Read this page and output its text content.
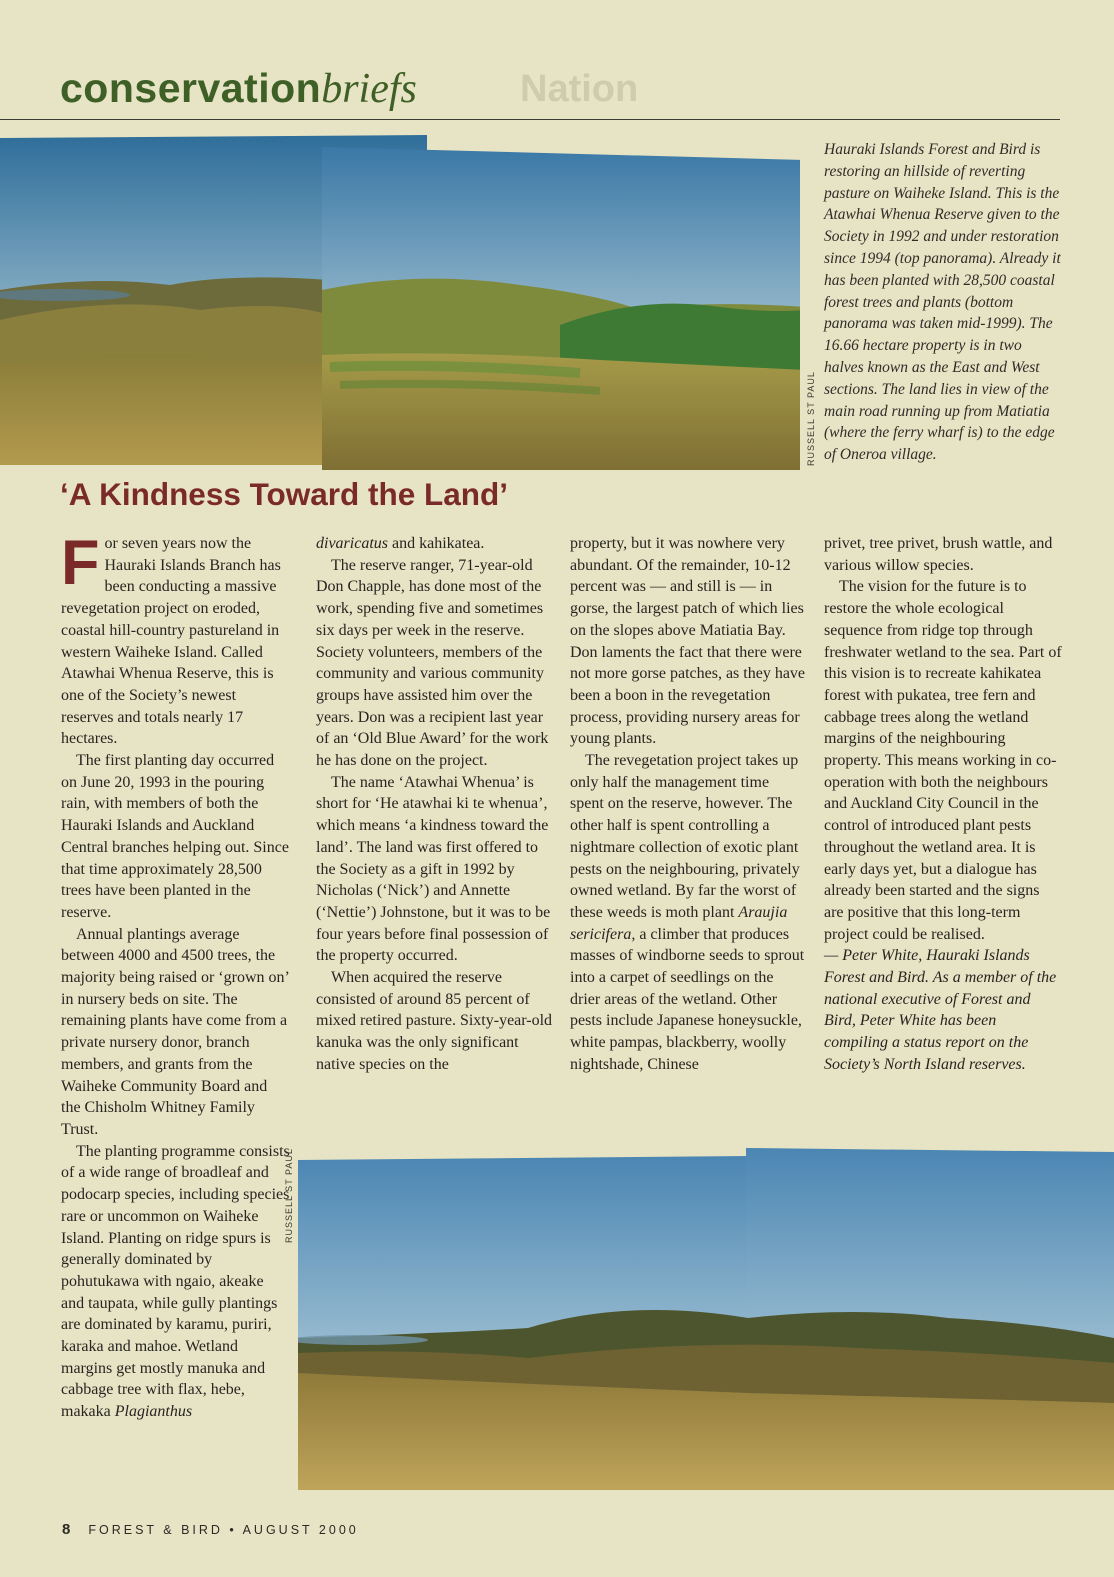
conservationbriefs	Nation
RUSSELL ST PAUL
Hauraki Islands Forest and Bird is restoring an hillside of reverting pasture on Waiheke Island. This is the Atawhai Whenua Reserve given to the Society in 1992 and under restoration since 1994 (top panorama). Already it has been planted with 28,500 coastal forest trees and plants (bottom panorama was taken mid-1999). The 16.66 hectare property is in two halves known as the East and West sections. The land lies in view of the main road running up from Matiatia (where the ferry wharf is) to the edge of Oneroa village.
‘A Kindness Toward the Land’
F or seven years now the Hauraki Islands Branch has been conducting a massive revegetation project on eroded, coastal hill-country pastureland in western Waiheke Island. Called Atawhai Whenua Reserve, this is one of the Society’s newest reserves and totals nearly 17 hectares.

The first planting day occurred on June 20, 1993 in the pouring rain, with members of both the Hauraki Islands and Auckland Central branches helping out. Since that time approximately 28,500 trees have been planted in the reserve.

Annual plantings average between 4000 and 4500 trees, the majority being raised or ‘grown on’ in nursery beds on site. The remaining plants have come from a private nursery donor, branch members, and grants from the Waiheke Community Board and the Chisholm Whitney Family Trust.

The planting programme consists of a wide range of broadleaf and podocarp species, including species rare or uncommon on Waiheke Island. Planting on ridge spurs is generally dominated by pohutukawa with ngaio, akeake and taupata, while gully plantings are dominated by karamu, puriri, karaka and mahoe. Wetland margins get mostly manuka and cabbage tree with flax, hebe, makaka Plagianthus

divaricatus and kahikatea.

The reserve ranger, 71-year-old Don Chapple, has done most of the work, spending five and sometimes six days per week in the reserve. Society volunteers, members of the community and various community groups have assisted him over the years. Don was a recipient last year of an ‘Old Blue Award’ for the work he has done on the project.

The name ‘Atawhai Whenua’ is short for ‘He atawhai ki te whenua’, which means ‘a kindness toward the land’. The land was first offered to the Society as a gift in 1992 by Nicholas (‘Nick’) and Annette (‘Nettie’) Johnstone, but it was to be four years before final possession of the property occurred.

When acquired the reserve consisted of around 85 percent of mixed retired pasture. Sixty-year-old kanuka was the only significant native species on the

property, but it was nowhere very abundant. Of the remainder, 10-12 percent was — and still is — in gorse, the largest patch of which lies on the slopes above Matiatia Bay. Don laments the fact that there were not more gorse patches, as they have been a boon in the revegetation process, providing nursery areas for young plants.

The revegetation project takes up only half the management time spent on the reserve, however. The other half is spent controlling a nightmare collection of exotic plant pests on the neighbouring, privately owned wetland. By far the worst of these weeds is moth plant Araujia sericifera, a climber that produces masses of windborne seeds to sprout into a carpet of seedlings on the drier areas of the wetland. Other pests include Japanese honeysuckle, white pampas, blackberry, woolly nightshade, Chinese

privet, tree privet, brush wattle, and various willow species.

The vision for the future is to restore the whole ecological sequence from ridge top through freshwater wetland to the sea. Part of this vision is to recreate kahikatea forest with pukatea, tree fern and cabbage trees along the wetland margins of the neighbouring property. This means working in co-operation with both the neighbours and Auckland City Council in the control of introduced plant pests throughout the wetland area. It is early days yet, but a dialogue has already been started and the signs are positive that this long-term project could be realised.

— Peter White, Hauraki Islands Forest and Bird. As a member of the national executive of Forest and Bird, Peter White has been compiling a status report on the Society’s North Island reserves.

RUSSELL ST PAUL
8 FOREST & BIRD • AUGUST 2000
